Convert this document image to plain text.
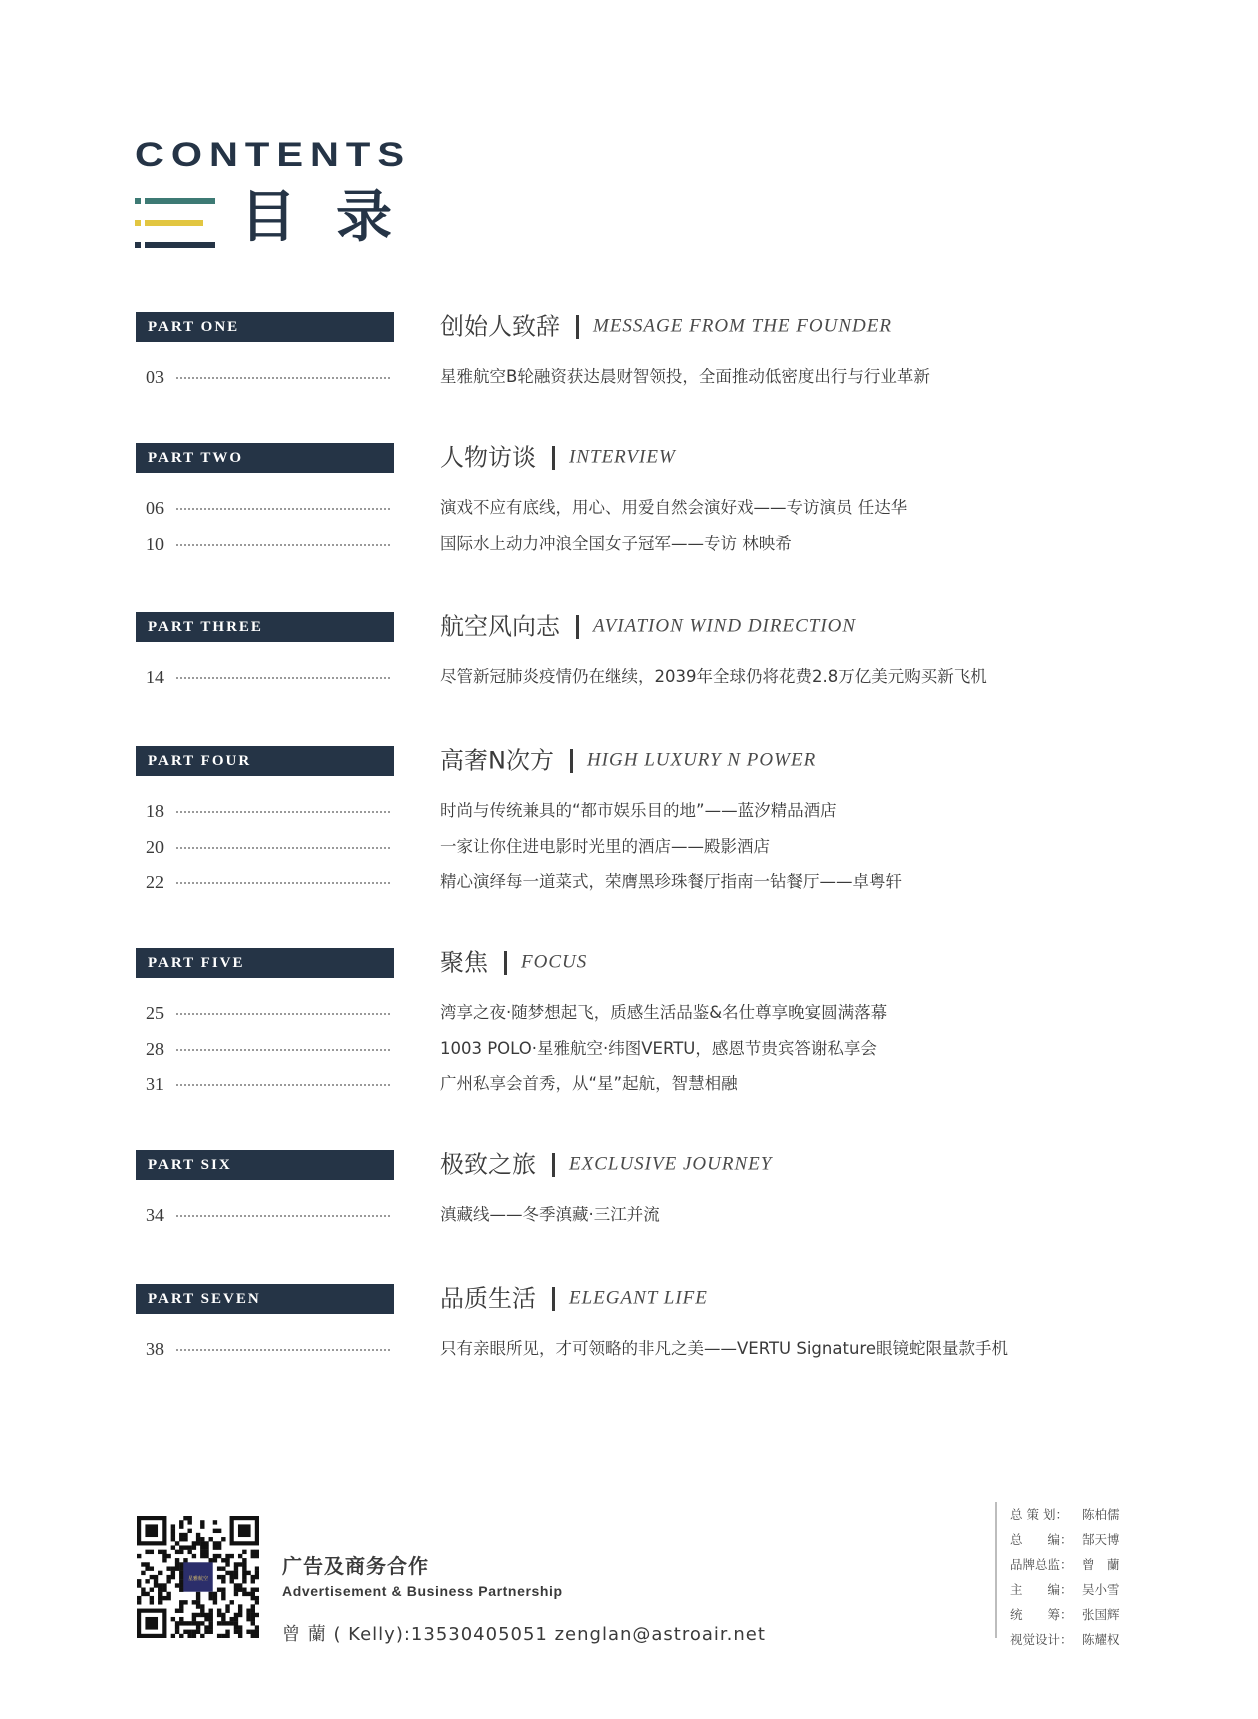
CONTENTS
目录
PART ONE	创始人致辞 MESSAGE FROM THE FOUNDER
03	星雅航空B轮融资获达晨财智领投，全面推动低密度出行与行业革新
PART TWO	人物访谈 INTERVIEW
06	演戏不应有底线，用心、用爱自然会演好戏——专访演员 任达华
10	国际水上动力冲浪全国女子冠军——专访 林映希
PART THREE	航空风向志 AVIATION WIND DIRECTION
14	尽管新冠肺炎疫情仍在继续，2039年全球仍将花费2.8万亿美元购买新飞机
PART FOUR	高奢N次方 HIGH LUXURY N POWER
18	时尚与传统兼具的“都市娱乐目的地”——蓝汐精品酒店
20	一家让你住进电影时光里的酒店——殿影酒店
22	精心演绎每一道菜式，荣膺黑珍珠餐厅指南一钻餐厅——卓粤轩
PART FIVE	聚焦 FOCUS
25	湾享之夜·随梦想起飞，质感生活品鉴&名仕尊享晚宴圆满落幕
28	1003 POLO·星雅航空·纬图VERTU，感恩节贵宾答谢私享会
31	广州私享会首秀，从“星”起航，智慧相融
PART SIX	极致之旅 EXCLUSIVE JOURNEY
34	滇藏线——冬季滇藏·三江并流
PART SEVEN	品质生活 ELEGANT LIFE
38	只有亲眼所见，才可领略的非凡之美——VERTU Signature眼镜蛇限量款手机
星雅航空
广告及商务合作
Advertisement & Business Partnership
曾 蘭 ( Kelly):13530405051 zenglan@astroair.net
总 策 划：	陈柏儒
总　　编： 郜天博
品牌总监： 曾　蘭
主　　编： 吴小雪
统　　筹： 张国辉
视觉设计： 陈耀权
